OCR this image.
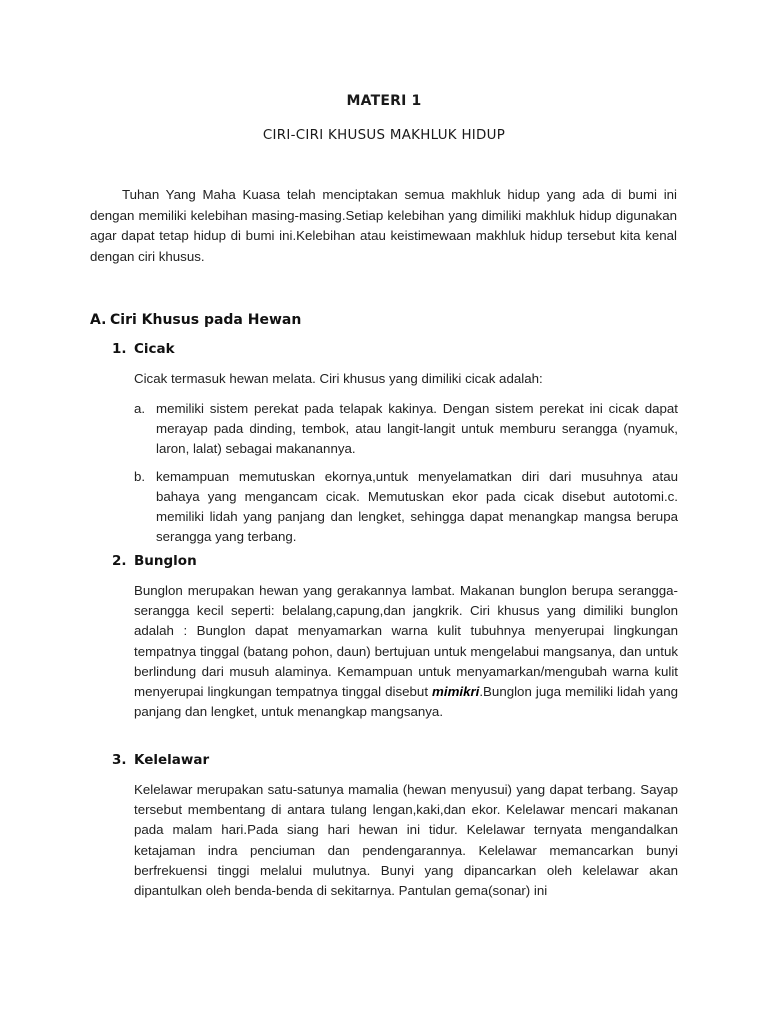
MATERI 1
CIRI-CIRI KHUSUS MAKHLUK HIDUP

Tuhan Yang Maha Kuasa telah menciptakan semua makhluk hidup yang ada di bumi ini dengan memiliki kelebihan masing-masing.Setiap kelebihan yang dimiliki makhluk hidup digunakan agar dapat tetap hidup di bumi ini.Kelebihan atau keistimewaan makhluk hidup tersebut kita kenal dengan ciri khusus.

A. Ciri Khusus pada Hewan
1. Cicak

Cicak termasuk hewan melata. Ciri khusus yang dimiliki cicak adalah:

a. memiliki sistem perekat pada telapak kakinya. Dengan sistem perekat ini cicak dapat merayap pada dinding, tembok, atau langit-langit untuk memburu serangga (nyamuk, laron, lalat) sebagai makanannya.
b. kemampuan memutuskan ekornya,untuk menyelamatkan diri dari musuhnya atau bahaya yang mengancam cicak. Memutuskan ekor pada cicak disebut autotomi.c. memiliki lidah yang panjang dan lengket, sehingga dapat menangkap mangsa berupa serangga yang terbang.
2. Bunglon

Bunglon merupakan hewan yang gerakannya lambat. Makanan bunglon berupa serangga-serangga kecil seperti: belalang,capung,dan jangkrik. Ciri khusus yang dimiliki bunglon adalah : Bunglon dapat menyamarkan warna kulit tubuhnya menyerupai lingkungan tempatnya tinggal (batang pohon, daun) bertujuan untuk mengelabui mangsanya, dan untuk berlindung dari musuh alaminya. Kemampuan untuk menyamarkan/mengubah warna kulit menyerupai lingkungan tempatnya tinggal disebut mimikri.Bunglon juga memiliki lidah yang panjang dan lengket, untuk menangkap mangsanya.

3. Kelelawar

Kelelawar merupakan satu-satunya mamalia (hewan menyusui) yang dapat terbang. Sayap tersebut membentang di antara tulang lengan,kaki,dan ekor. Kelelawar mencari makanan pada malam hari.Pada siang hari hewan ini tidur. Kelelawar ternyata mengandalkan ketajaman indra penciuman dan pendengarannya. Kelelawar memancarkan bunyi berfrekuensi tinggi melalui mulutnya. Bunyi yang dipancarkan oleh kelelawar akan dipantulkan oleh benda-benda di sekitarnya. Pantulan gema(sonar) ini
